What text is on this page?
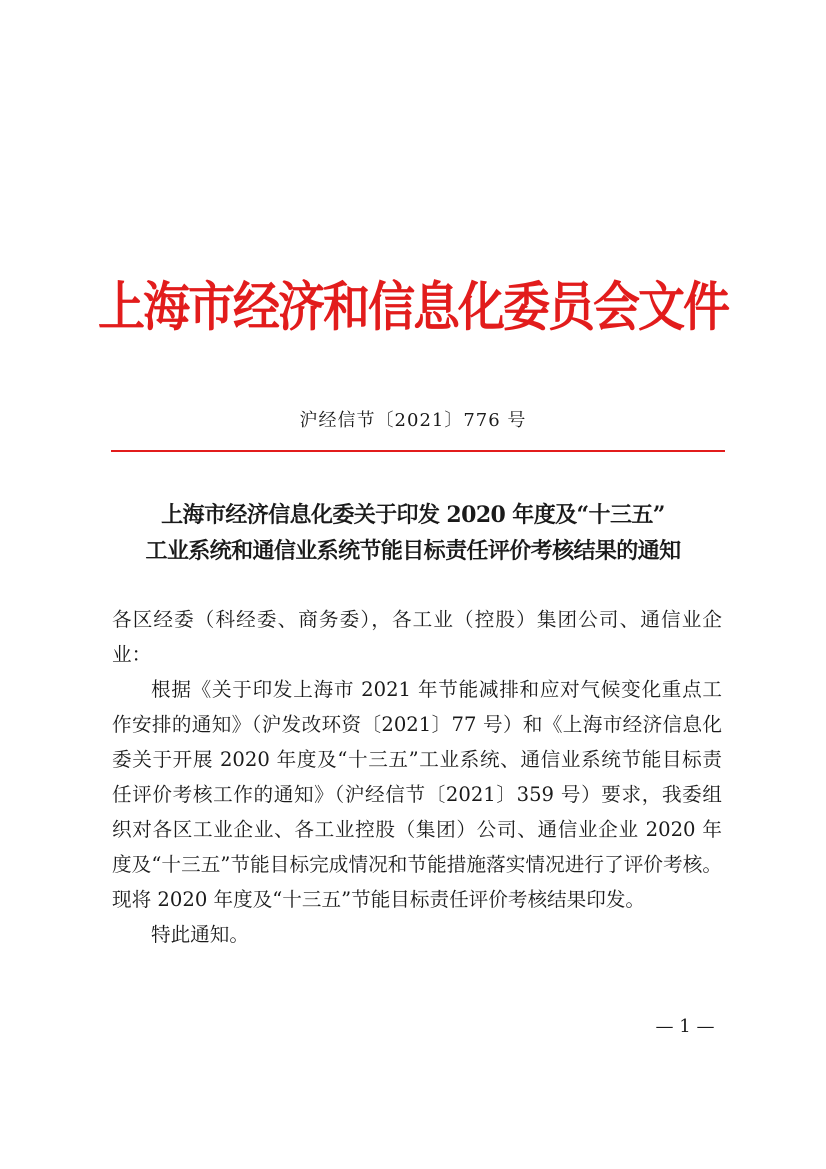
上海市经济和信息化委员会文件
沪经信节〔2021〕776 号
上海市经济信息化委关于印发 2020 年度及“十三五”
工业系统和通信业系统节能目标责任评价考核结果的通知

各区经委（科经委、商务委），各工业（控股）集团公司、通信业企业：

根据《关于印发上海市 2021 年节能减排和应对气候变化重点工作安排的通知》（沪发改环资〔2021〕77 号）和《上海市经济信息化委关于开展 2020 年度及“十三五”工业系统、通信业系统节能目标责任评价考核工作的通知》（沪经信节〔2021〕359 号）要求，我委组织对各区工业企业、各工业控股（集团）公司、通信业企业 2020 年度及“十三五”节能目标完成情况和节能措施落实情况进行了评价考核。现将 2020 年度及“十三五”节能目标责任评价考核结果印发。

特此通知。

— 1 —
